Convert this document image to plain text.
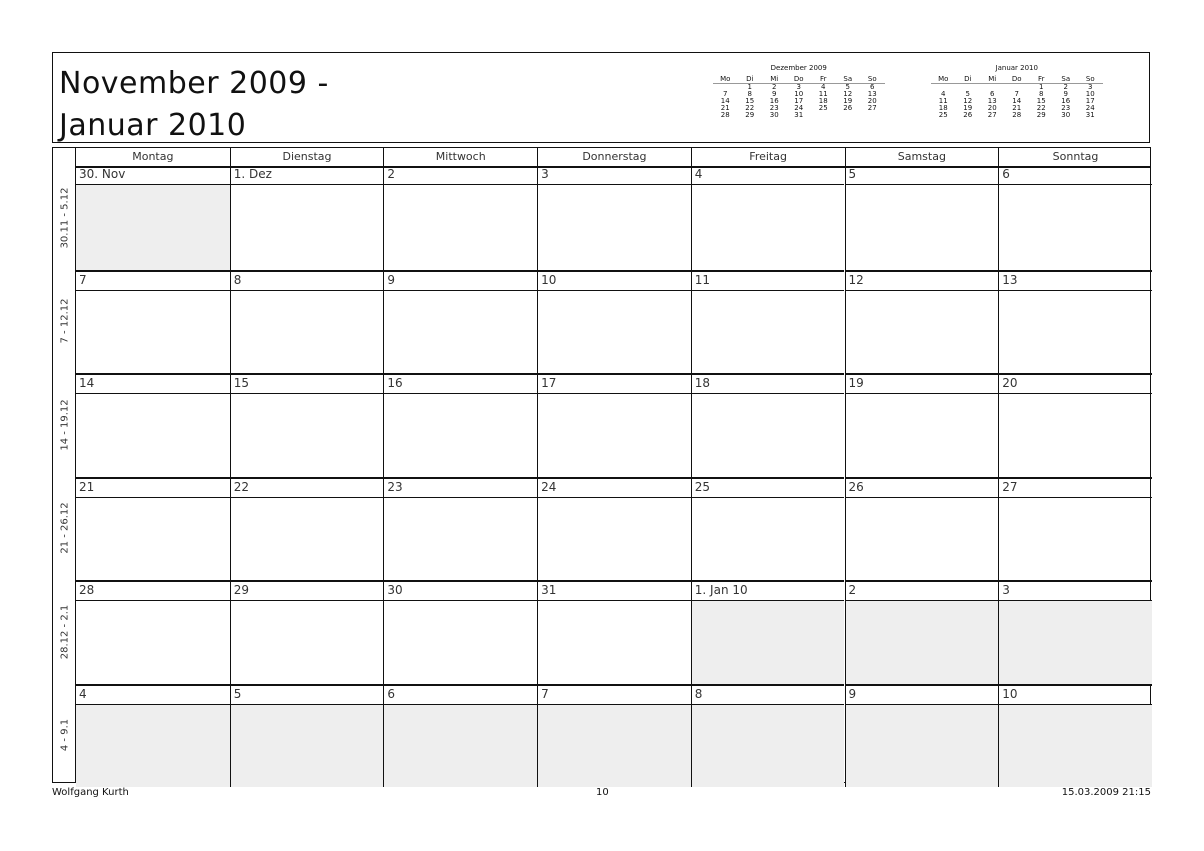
November 2009 -
Januar 2010
Dezember 2009
Mo	Di	Mi	Do	Fr	Sa	So
	1	2	3	4	5	6
7	8	9	10	11	12	13
14	15	16	17	18	19	20
21	22	23	24	25	26	27
28	29	30	31			
Januar 2010
Mo	Di	Mi	Do	Fr	Sa	So
				1	2	3
4	5	6	7	8	9	10
11	12	13	14	15	16	17
18	19	20	21	22	23	24
25	26	27	28	29	30	31
Montag	Dienstag	Mittwoch	Donnerstag	Freitag	Samstag	Sonntag
30.11 - 5.12
30. Nov	1. Dez	2	3	4	5	6
7 - 12.12
7	8	9	10	11	12	13
14 - 19.12
14	15	16	17	18	19	20
21 - 26.12
21	22	23	24	25	26	27
28.12 - 2.1
28	29	30	31	1. Jan 10	2	3
4 - 9.1
4	5	6	7	8	9	10
Wolfgang Kurth	10	15.03.2009 21:15
